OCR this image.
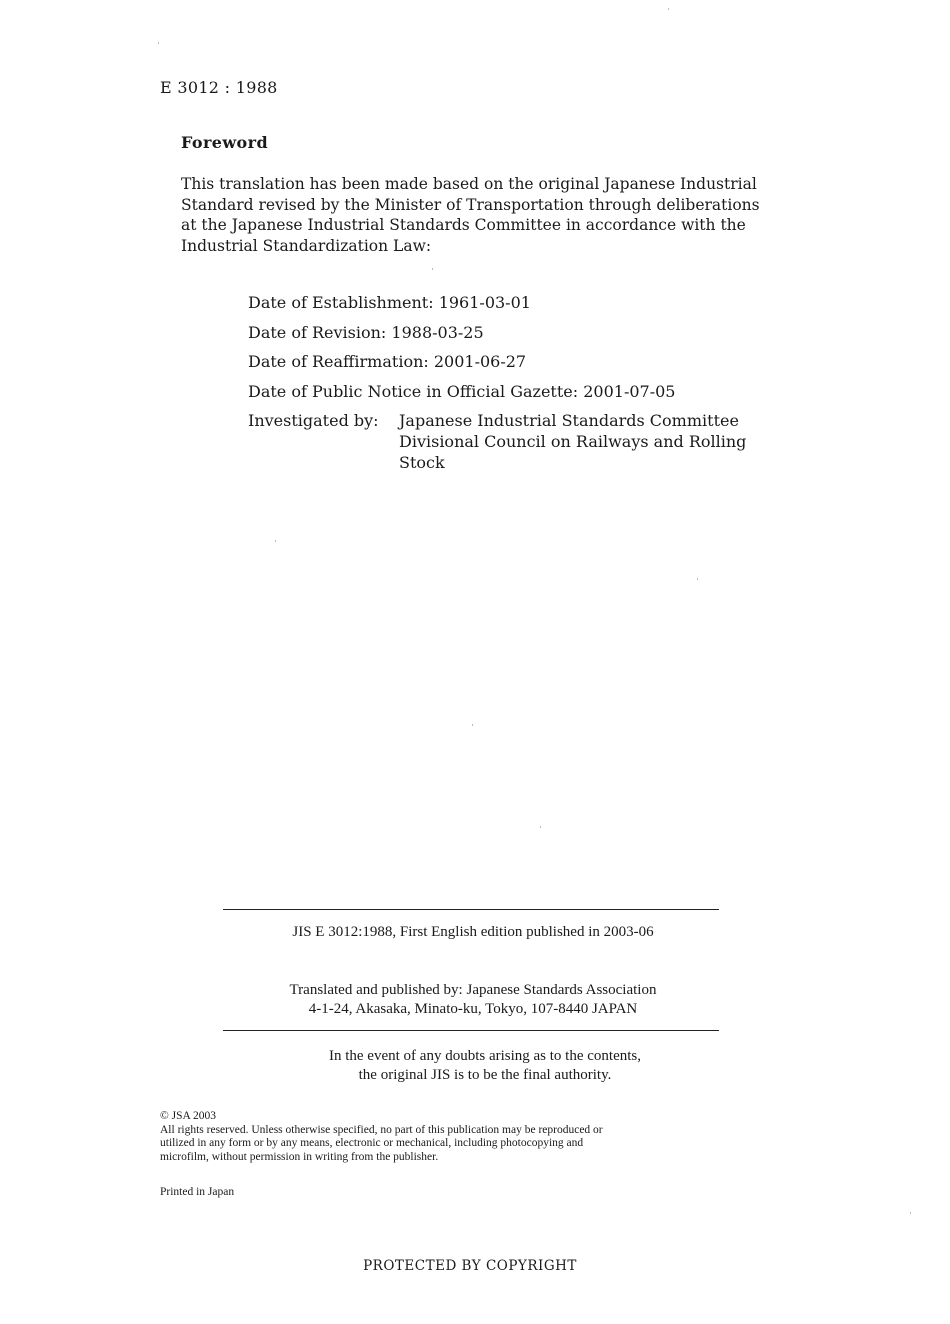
E 3012 : 1988
Foreword
This translation has been made based on the original Japanese Industrial
Standard revised by the Minister of Transportation through deliberations
at the Japanese Industrial Standards Committee in accordance with the
Industrial Standardization Law:
Date of Establishment: 1961-03-01
Date of Revision: 1988-03-25
Date of Reaffirmation: 2001-06-27
Date of Public Notice in Official Gazette: 2001-07-05
Investigated by:	Japanese Industrial Standards Committee
Divisional Council on Railways and Rolling
Stock
JIS E 3012:1988, First English edition published in 2003-06
Translated and published by: Japanese Standards Association
4-1-24, Akasaka, Minato-ku, Tokyo, 107-8440 JAPAN
In the event of any doubts arising as to the contents,
the original JIS is to be the final authority.
© JSA 2003
All rights reserved. Unless otherwise specified, no part of this publication may be reproduced or
utilized in any form or by any means, electronic or mechanical, including photocopying and
microfilm, without permission in writing from the publisher.
Printed in Japan
PROTECTED BY COPYRIGHT
